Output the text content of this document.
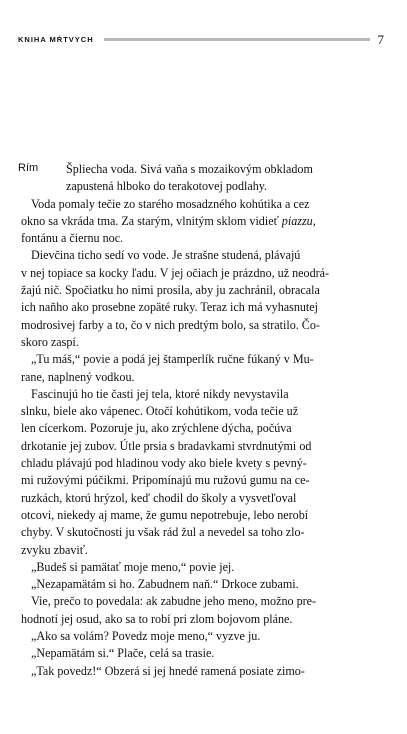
KNIHA MŔTVYCH	7
Rím Špliecha voda. Sivá vaňa s mozaikovým obkladom
zapustená hlboko do terakotovej podlahy.
Voda pomaly tečie zo starého mosadzného kohútika a cez
okno sa vkráda tma. Za starým, vlnitým sklom vidieť piazzu,
fontánu a čiernu noc.
Dievčina ticho sedí vo vode. Je strašne studená, plávajú
v nej topiace sa kocky ľadu. V jej očiach je prázdno, už neodrá-
žajú nič. Spočiatku ho nimi prosila, aby ju zachránil, obracala
ich naňho ako prosebne zopäté ruky. Teraz ich má vyhasnutej
modrosivej farby a to, čo v nich predtým bolo, sa stratilo. Čo-
skoro zaspí.
„Tu máš,“ povie a podá jej štamperlík ručne fúkaný v Mu-
rane, naplnený vodkou.
Fascinujú ho tie časti jej tela, ktoré nikdy nevystavila
slnku, biele ako vápenec. Otočí kohútikom, voda tečie už
len cícerkom. Pozoruje ju, ako zrýchlene dýcha, počúva
drkotanie jej zubov. Útle prsia s bradavkami stvrdnutými od
chladu plávajú pod hladinou vody ako biele kvety s pevný-
mi ružovými púčikmi. Pripomínajú mu ružovú gumu na ce-
ruzkách, ktorú hrýzol, keď chodil do školy a vysvetľoval
otcovi, niekedy aj mame, že gumu nepotrebuje, lebo nerobí
chyby. V skutočnosti ju však rád žul a nevedel sa toho zlo-
zvyku zbaviť.
„Budeš si pamätať moje meno,“ povie jej.
„Nezapamätám si ho. Zabudnem naň.“ Drkoce zubami.
Vie, prečo to povedala: ak zabudne jeho meno, možno pre-
hodnotí jej osud, ako sa to robí pri zlom bojovom pláne.
„Ako sa volám? Povedz moje meno,“ vyzve ju.
„Nepamätám si.“ Plače, celá sa trasie.
„Tak povedz!“ Obzerá si jej hnedé ramená posiate zimo-
